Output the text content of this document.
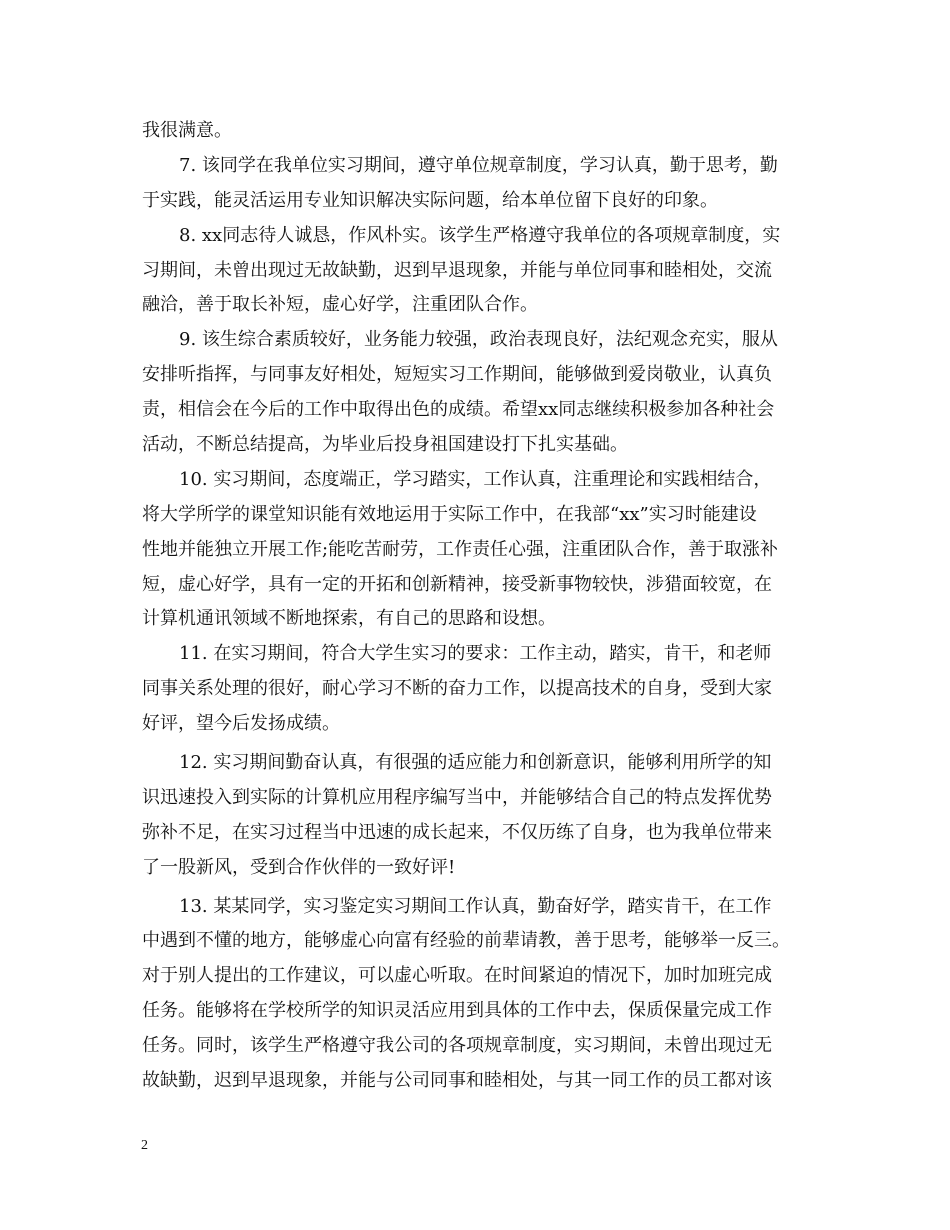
我很满意。
7. 该同学在我单位实习期间，遵守单位规章制度，学习认真，勤于思考，勤
于实践，能灵活运用专业知识解决实际问题，给本单位留下良好的印象。
8. xx同志待人诚恳，作风朴实。该学生严格遵守我单位的各项规章制度，实
习期间，未曾出现过无故缺勤，迟到早退现象，并能与单位同事和睦相处，交流
融洽，善于取长补短，虚心好学，注重团队合作。
9. 该生综合素质较好，业务能力较强，政治表现良好，法纪观念充实，服从
安排听指挥，与同事友好相处，短短实习工作期间，能够做到爱岗敬业，认真负
责，相信会在今后的工作中取得出色的成绩。希望xx同志继续积极参加各种社会
活动，不断总结提高，为毕业后投身祖国建设打下扎实基础。
10. 实习期间，态度端正，学习踏实，工作认真，注重理论和实践相结合，
将大学所学的课堂知识能有效地运用于实际工作中，在我部“xx”实习时能建设
性地并能独立开展工作;能吃苦耐劳，工作责任心强，注重团队合作，善于取涨补
短，虚心好学，具有一定的开拓和创新精神，接受新事物较快，涉猎面较宽，在
计算机通讯领域不断地探索，有自己的思路和设想。
11. 在实习期间，符合大学生实习的要求：工作主动，踏实，肯干，和老师
同事关系处理的很好，耐心学习不断的奋力工作，以提高技术的自身，受到大家
好评，望今后发扬成绩。
12. 实习期间勤奋认真，有很强的适应能力和创新意识，能够利用所学的知
识迅速投入到实际的计算机应用程序编写当中，并能够结合自己的特点发挥优势
弥补不足，在实习过程当中迅速的成长起来，不仅历练了自身，也为我单位带来
了一股新风，受到合作伙伴的一致好评!
13. 某某同学，实习鉴定实习期间工作认真，勤奋好学，踏实肯干，在工作
中遇到不懂的地方，能够虚心向富有经验的前辈请教，善于思考，能够举一反三。
对于别人提出的工作建议，可以虚心听取。在时间紧迫的情况下，加时加班完成
任务。能够将在学校所学的知识灵活应用到具体的工作中去，保质保量完成工作
任务。同时，该学生严格遵守我公司的各项规章制度，实习期间，未曾出现过无
故缺勤，迟到早退现象，并能与公司同事和睦相处，与其一同工作的员工都对该
2
